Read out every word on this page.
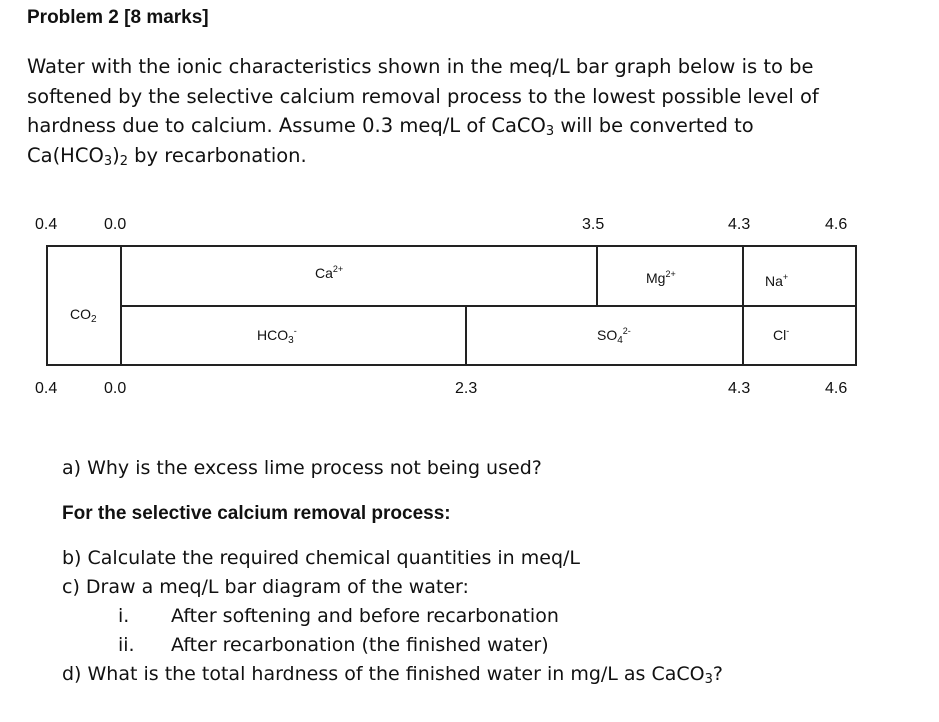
Problem 2 [8 marks]
Water with the ionic characteristics shown in the meq/L bar graph below is to be
softened by the selective calcium removal process to the lowest possible level of
hardness due to calcium. Assume 0.3 meq/L of CaCO$_3$ will be converted to
$Ca(HCO_3)_2$ by recarbonation.
0.4	0.0	3.5	4.3	4.6
$Ca^{2+}$
$Mg^{2+}$	Na+
$CO_2$
$HCO_3^-$	$SO_4^{2-}$	Cl-
0.4	0.0	2.3	4.3	4.6
a) Why is the excess lime process not being used?
For the selective calcium removal process:
b) Calculate the required chemical quantities in meq/L
c) Draw a meq/L bar diagram of the water:
i. After softening and before recarbonation
ii. After recarbonation (the finished water)
d) What is the total hardness of the finished water in mg/L as CaCO$_3$?
